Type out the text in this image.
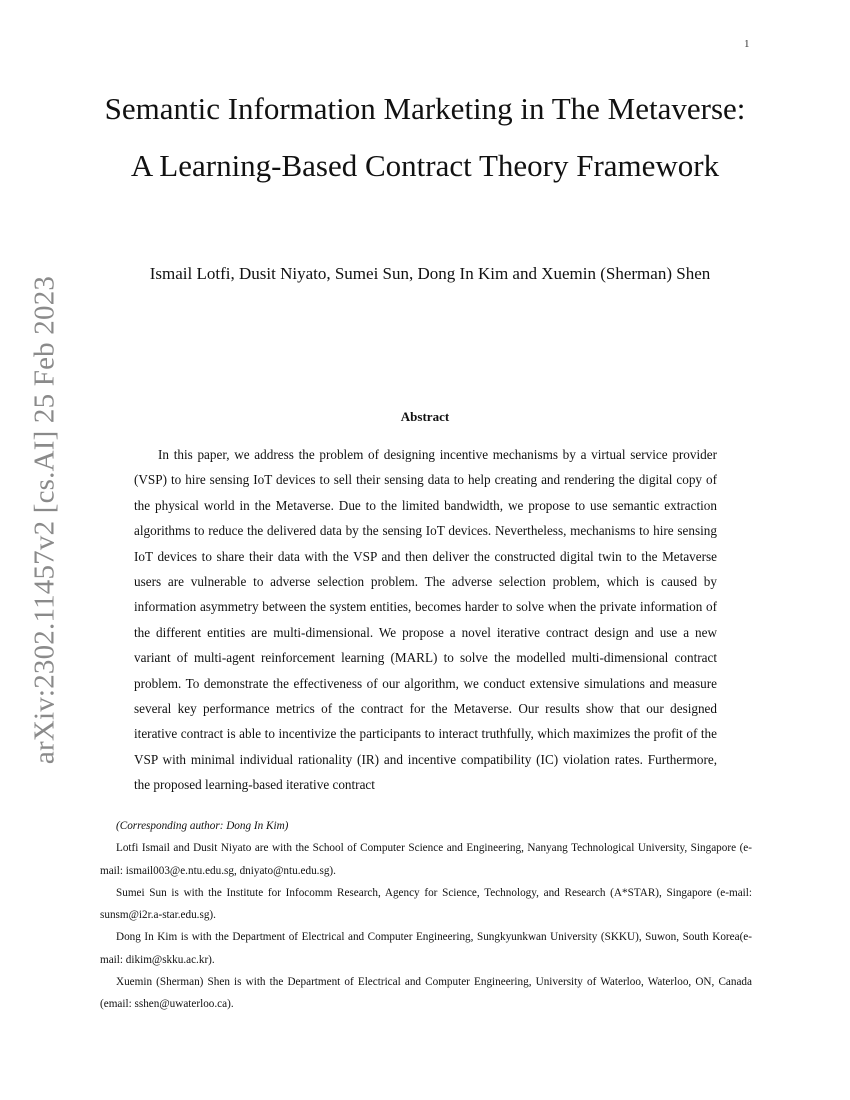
1
arXiv:2302.11457v2 [cs.AI] 25 Feb 2023
Semantic Information Marketing in The Metaverse: A Learning-Based Contract Theory Framework
Ismail Lotfi, Dusit Niyato, Sumei Sun, Dong In Kim and Xuemin (Sherman) Shen
Abstract

In this paper, we address the problem of designing incentive mechanisms by a virtual service provider (VSP) to hire sensing IoT devices to sell their sensing data to help creating and rendering the digital copy of the physical world in the Metaverse. Due to the limited bandwidth, we propose to use semantic extraction algorithms to reduce the delivered data by the sensing IoT devices. Nevertheless, mechanisms to hire sensing IoT devices to share their data with the VSP and then deliver the constructed digital twin to the Metaverse users are vulnerable to adverse selection problem. The adverse selection problem, which is caused by information asymmetry between the system entities, becomes harder to solve when the private information of the different entities are multi-dimensional. We propose a novel iterative contract design and use a new variant of multi-agent reinforcement learning (MARL) to solve the modelled multi-dimensional contract problem. To demonstrate the effectiveness of our algorithm, we conduct extensive simulations and measure several key performance metrics of the contract for the Metaverse. Our results show that our designed iterative contract is able to incentivize the participants to interact truthfully, which maximizes the profit of the VSP with minimal individual rationality (IR) and incentive compatibility (IC) violation rates. Furthermore, the proposed learning-based iterative contract

(Corresponding author: Dong In Kim)

Lotfi Ismail and Dusit Niyato are with the School of Computer Science and Engineering, Nanyang Technological University, Singapore (e-mail: ismail003@e.ntu.edu.sg, dniyato@ntu.edu.sg).

Sumei Sun is with the Institute for Infocomm Research, Agency for Science, Technology, and Research (A*STAR), Singapore (e-mail: sunsm@i2r.a-star.edu.sg).

Dong In Kim is with the Department of Electrical and Computer Engineering, Sungkyunkwan University (SKKU), Suwon, South Korea(e-mail: dikim@skku.ac.kr).

Xuemin (Sherman) Shen is with the Department of Electrical and Computer Engineering, University of Waterloo, Waterloo, ON, Canada (email: sshen@uwaterloo.ca).
